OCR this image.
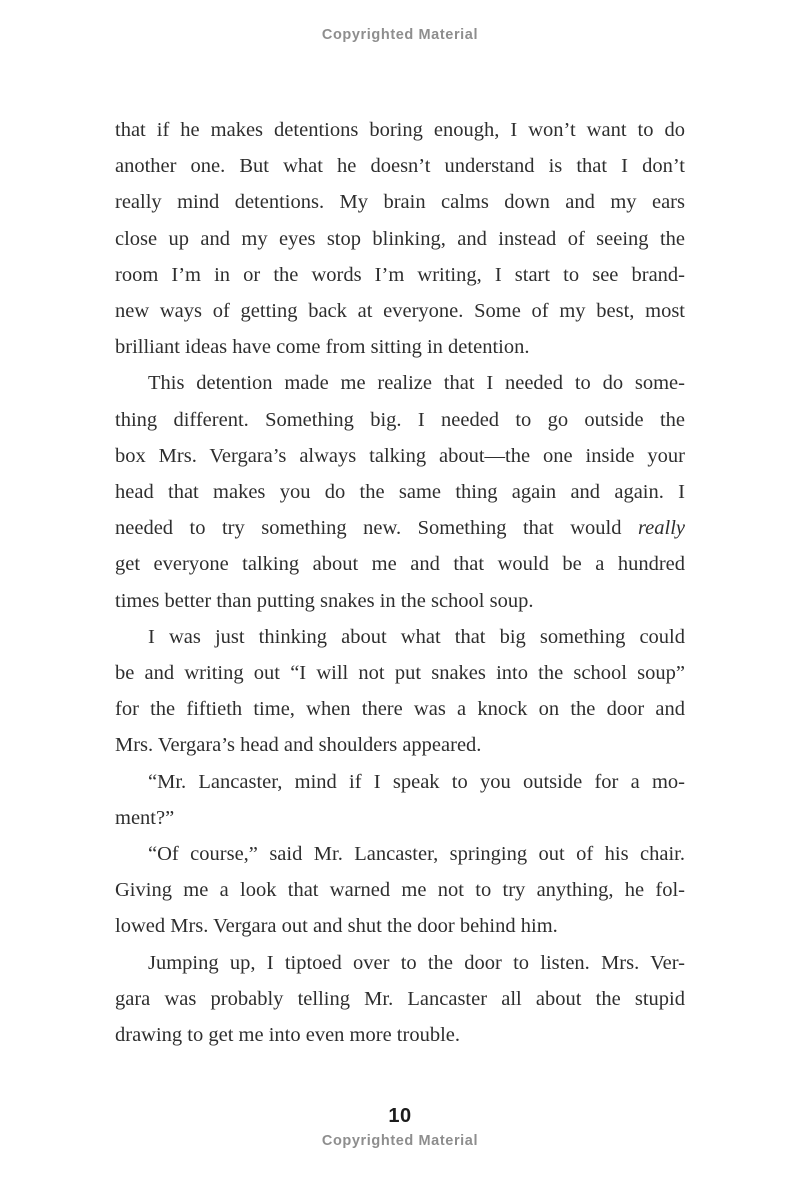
Copyrighted Material
that if he makes detentions boring enough, I won’t want to do
another one. But what he doesn’t understand is that I don’t
really mind detentions. My brain calms down and my ears
close up and my eyes stop blinking, and instead of seeing the
room I’m in or the words I’m writing, I start to see brand-
new ways of getting back at everyone. Some of my best, most
brilliant ideas have come from sitting in detention.
This detention made me realize that I needed to do some-
thing different. Something big. I needed to go outside the
box Mrs. Vergara’s always talking about—the one inside your
head that makes you do the same thing again and again. I
needed to try something new. Something that would really
get everyone talking about me and that would be a hundred
times better than putting snakes in the school soup.
I was just thinking about what that big something could
be and writing out “I will not put snakes into the school soup”
for the fiftieth time, when there was a knock on the door and
Mrs. Vergara’s head and shoulders appeared.
“Mr. Lancaster, mind if I speak to you outside for a mo-
ment?”
“Of course,” said Mr. Lancaster, springing out of his chair.
Giving me a look that warned me not to try anything, he fol-
lowed Mrs. Vergara out and shut the door behind him.
Jumping up, I tiptoed over to the door to listen. Mrs. Ver-
gara was probably telling Mr. Lancaster all about the stupid
drawing to get me into even more trouble.
10
Copyrighted Material
